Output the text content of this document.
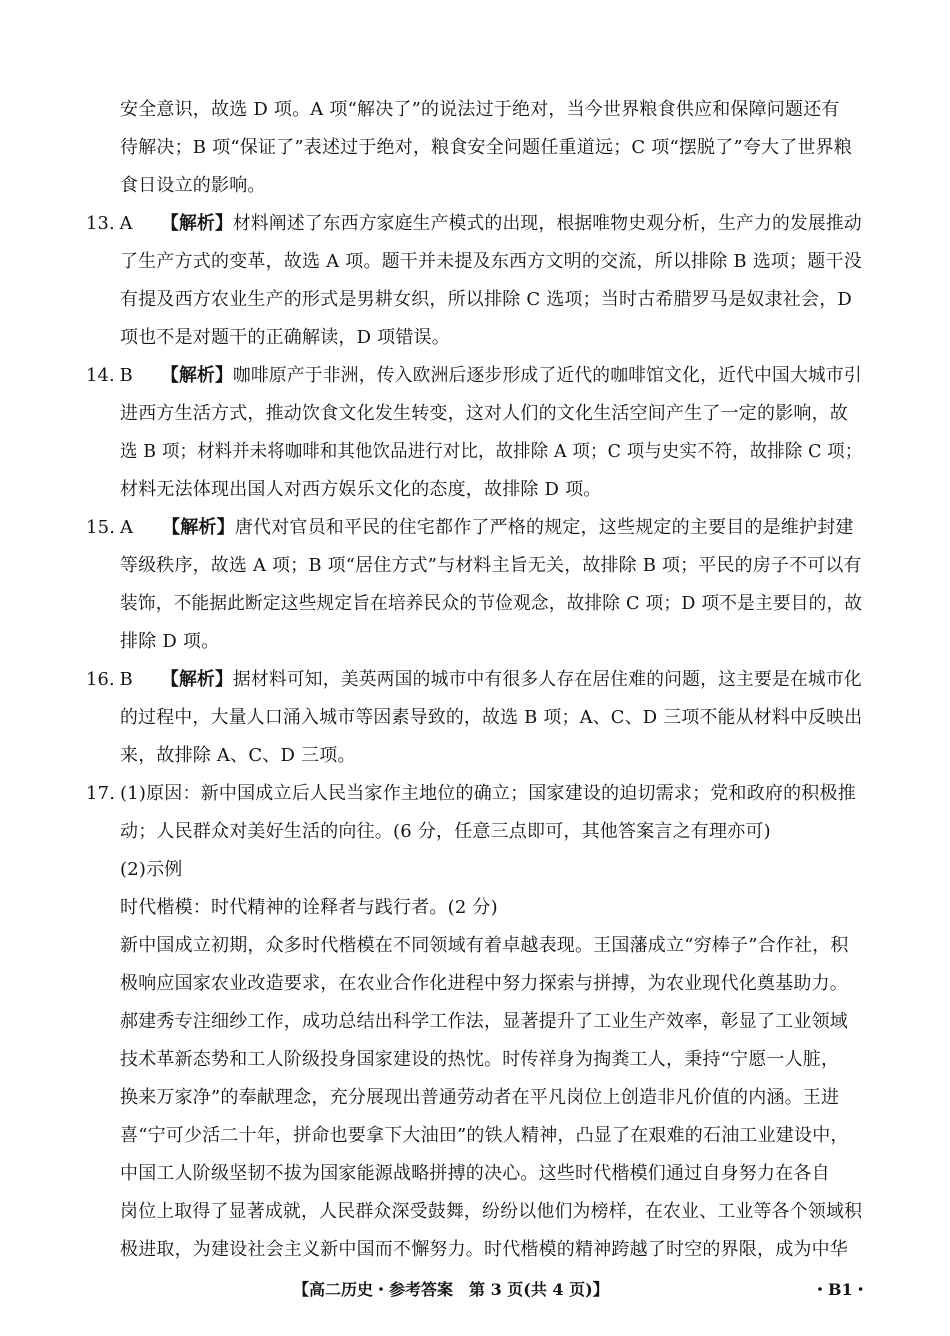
安全意识，故选 D 项。A 项“解决了”的说法过于绝对，当今世界粮食供应和保障问题还有
待解决；B 项“保证了”表述过于绝对，粮食安全问题任重道远；C 项“摆脱了”夸大了世界粮
食日设立的影响。
13. A 【解析】材料阐述了东西方家庭生产模式的出现，根据唯物史观分析，生产力的发展推动
了生产方式的变革，故选 A 项。题干并未提及东西方文明的交流，所以排除 B 选项；题干没
有提及西方农业生产的形式是男耕女织，所以排除 C 选项；当时古希腊罗马是奴隶社会，D
项也不是对题干的正确解读，D 项错误。
14. B 【解析】咖啡原产于非洲，传入欧洲后逐步形成了近代的咖啡馆文化，近代中国大城市引
进西方生活方式，推动饮食文化发生转变，这对人们的文化生活空间产生了一定的影响，故
选 B 项；材料并未将咖啡和其他饮品进行对比，故排除 A 项；C 项与史实不符，故排除 C 项；
材料无法体现出国人对西方娱乐文化的态度，故排除 D 项。
15. A 【解析】唐代对官员和平民的住宅都作了严格的规定，这些规定的主要目的是维护封建
等级秩序，故选 A 项；B 项“居住方式”与材料主旨无关，故排除 B 项；平民的房子不可以有
装饰，不能据此断定这些规定旨在培养民众的节俭观念，故排除 C 项；D 项不是主要目的，故
排除 D 项。
16. B 【解析】据材料可知，美英两国的城市中有很多人存在居住难的问题，这主要是在城市化
的过程中，大量人口涌入城市等因素导致的，故选 B 项；A、C、D 三项不能从材料中反映出
来，故排除 A、C、D 三项。
17. (1)原因：新中国成立后人民当家作主地位的确立；国家建设的迫切需求；党和政府的积极推
动；人民群众对美好生活的向往。(6 分，任意三点即可，其他答案言之有理亦可)
(2)示例
时代楷模：时代精神的诠释者与践行者。(2 分)
新中国成立初期，众多时代楷模在不同领域有着卓越表现。王国藩成立“穷棒子”合作社，积
极响应国家农业改造要求，在农业合作化进程中努力探索与拼搏，为农业现代化奠基助力。
郝建秀专注细纱工作，成功总结出科学工作法，显著提升了工业生产效率，彰显了工业领域
技术革新态势和工人阶级投身国家建设的热忱。时传祥身为掏粪工人，秉持“宁愿一人脏，
换来万家净”的奉献理念，充分展现出普通劳动者在平凡岗位上创造非凡价值的内涵。王进
喜“宁可少活二十年，拼命也要拿下大油田”的铁人精神，凸显了在艰难的石油工业建设中，
中国工人阶级坚韧不拔为国家能源战略拼搏的决心。这些时代楷模们通过自身努力在各自
岗位上取得了显著成就，人民群众深受鼓舞，纷纷以他们为榜样，在农业、工业等各个领域积
极进取，为建设社会主义新中国而不懈努力。时代楷模的精神跨越了时空的界限，成为中华
【高二历史・参考答案　第 3 页(共 4 页)】	・B1・
